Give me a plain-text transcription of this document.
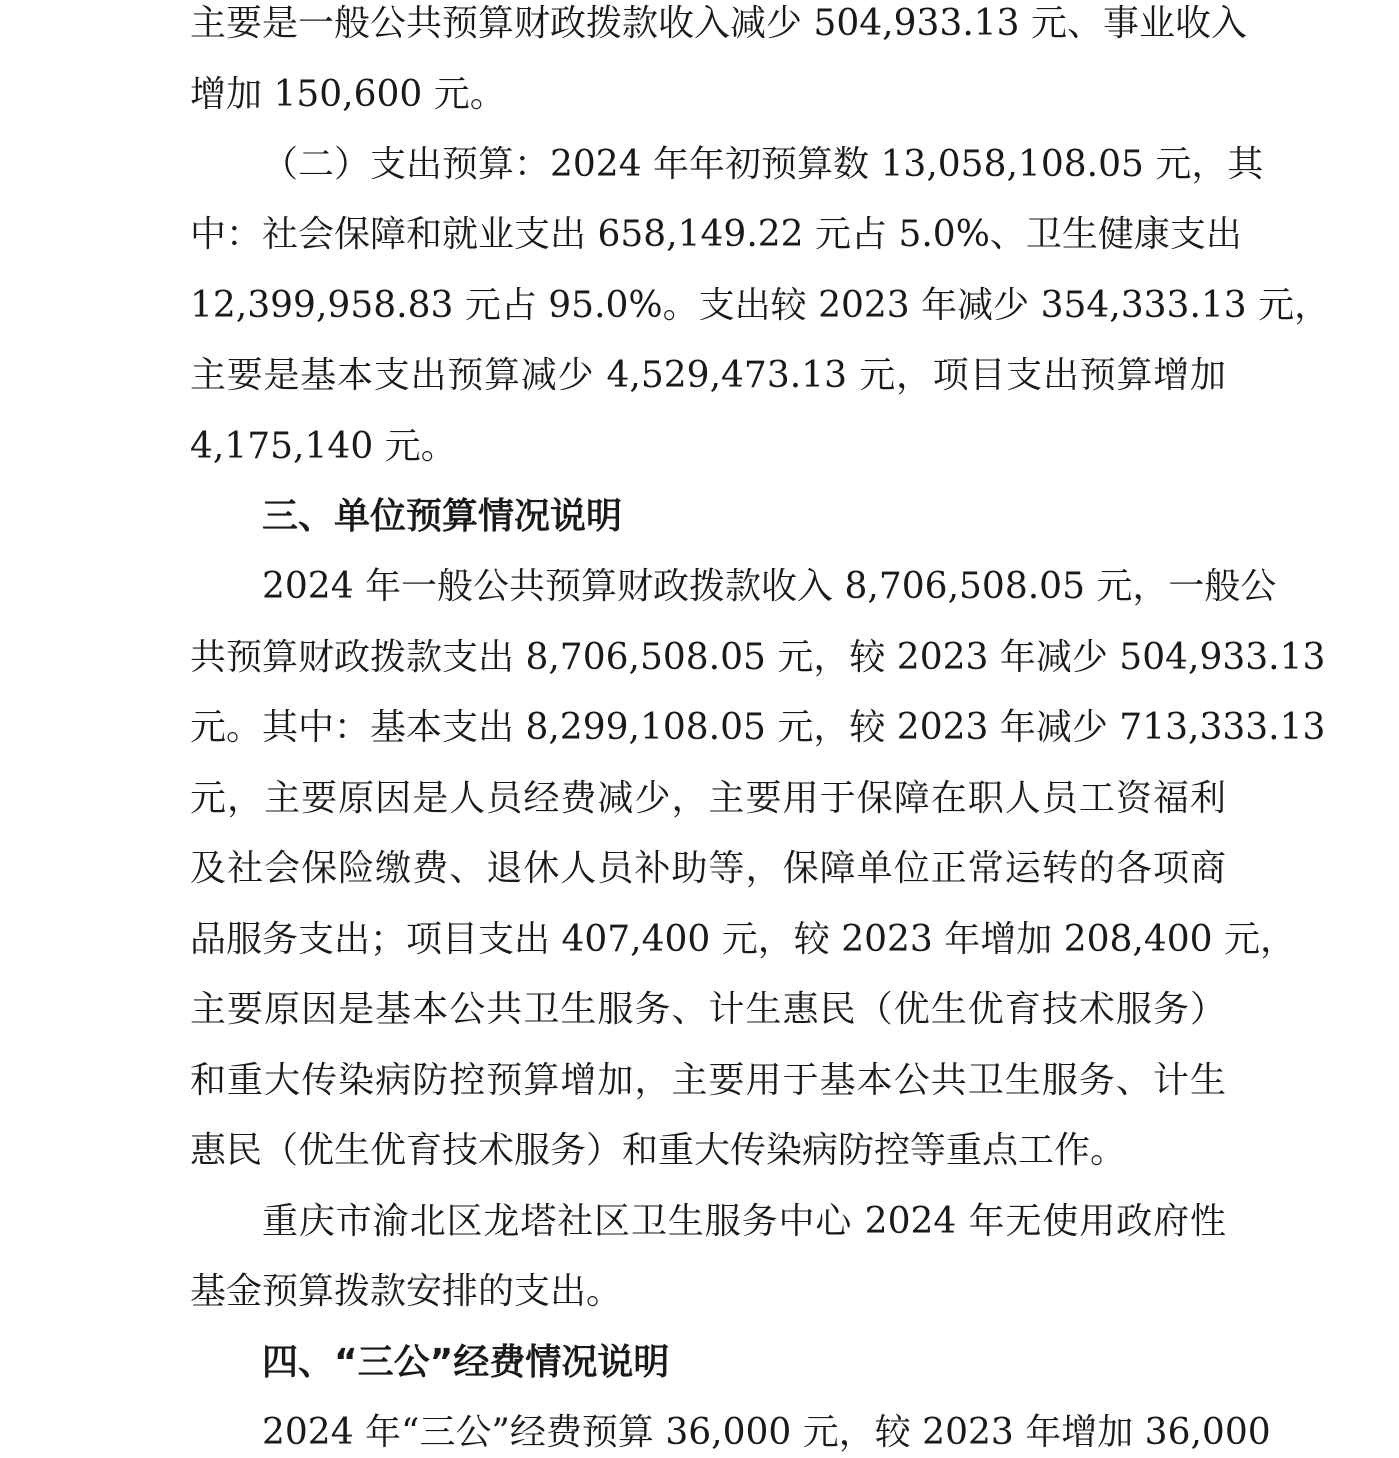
主要是一般公共预算财政拨款收入减少 504,933.13 元、事业收入
增加 150,600 元。
（二）支出预算：2024 年年初预算数 13,058,108.05 元，其
中：社会保障和就业支出 658,149.22 元占 5.0%、卫生健康支出
12,399,958.83 元占 95.0%。支出较 2023 年减少 354,333.13 元，
主要是基本支出预算减少 4,529,473.13 元，项目支出预算增加
4,175,140 元。
三、单位预算情况说明
2024 年一般公共预算财政拨款收入 8,706,508.05 元，一般公
共预算财政拨款支出 8,706,508.05 元，较 2023 年减少 504,933.13
元。其中：基本支出 8,299,108.05 元，较 2023 年减少 713,333.13
元，主要原因是人员经费减少，主要用于保障在职人员工资福利
及社会保险缴费、退休人员补助等，保障单位正常运转的各项商
品服务支出；项目支出 407,400 元，较 2023 年增加 208,400 元，
主要原因是基本公共卫生服务、计生惠民（优生优育技术服务）
和重大传染病防控预算增加，主要用于基本公共卫生服务、计生
惠民（优生优育技术服务）和重大传染病防控等重点工作。
重庆市渝北区龙塔社区卫生服务中心 2024 年无使用政府性
基金预算拨款安排的支出。
四、“三公”经费情况说明
2024 年“三公”经费预算 36,000 元，较 2023 年增加 36,000
